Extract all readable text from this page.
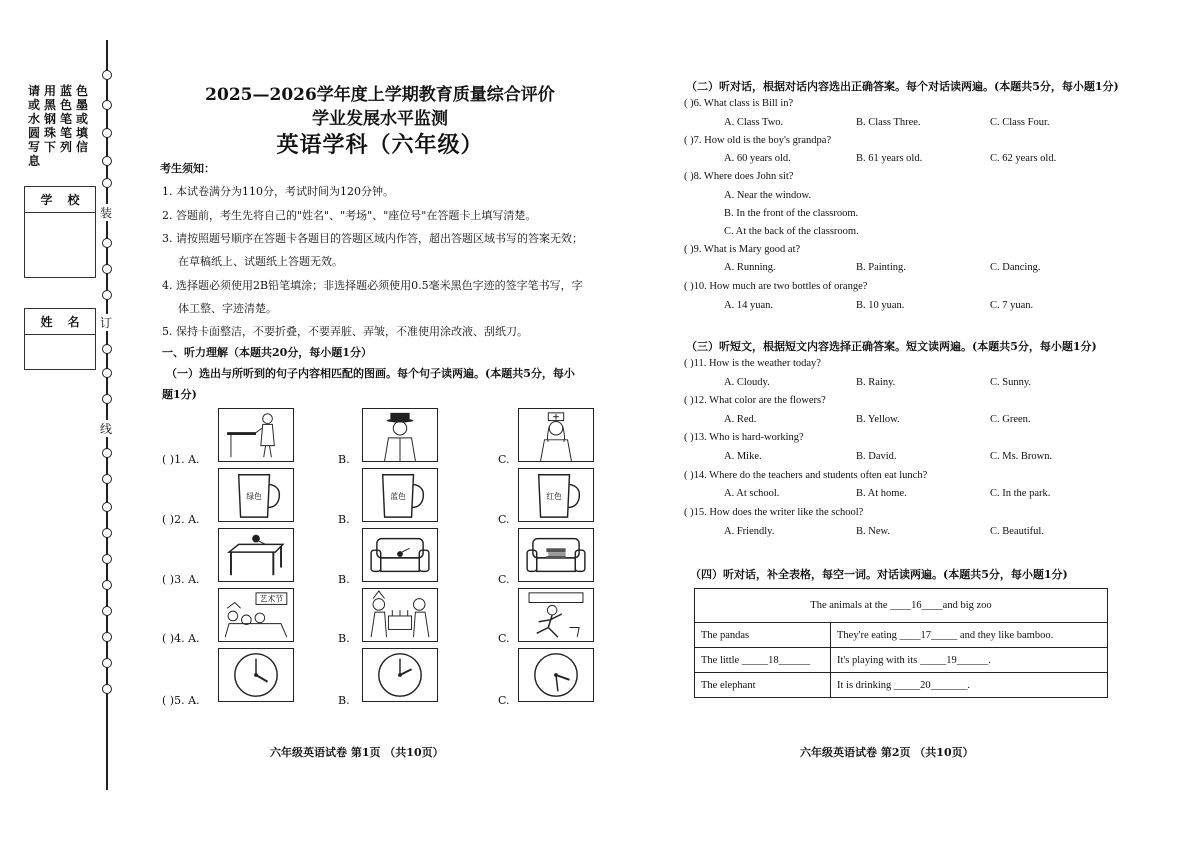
请用蓝色
或黑色墨
水钢笔或
圆珠笔填
写下列信息
学 校
姓 名
装
订
线
2025—2026学年度上学期教育质量综合评价
学业发展水平监测
英语学科（六年级）
考生须知：
1. 本试卷满分为110分，考试时间为120分钟。
2. 答题前，考生先将自己的"姓名"、"考场"、"座位号"在答题卡上填写清楚。
3. 请按照题号顺序在答题卡各题目的答题区域内作答，超出答题区域书写的答案无效；
在草稿纸上、试题纸上答题无效。
4. 选择题必须使用2B铅笔填涂；非选择题必须使用0.5毫米黑色字迹的签字笔书写，字
体工整、字迹清楚。
5. 保持卡面整洁，不要折叠，不要弄脏、弄皱，不准使用涂改液、刮纸刀。
一、听力理解（本题共20分，每小题1分）
（一）选出与所听到的句子内容相匹配的图画。每个句子读两遍。(本题共5分，每小
题1分)
( )1. A.	B.	C.
( )2. A.	B.	C.
绿色	蓝色	红色
( )3. A.	B.	C.
( )4. A.	B.	C.
艺术节
( )5. A.	B.	C.
六年级英语试卷 第1页 （共10页）
（二）听对话，根据对话内容选出正确答案。每个对话读两遍。(本题共5分，每小题1分)
( )6. What class is Bill in?
A. Class Two.	B. Class Three.	C. Class Four.
( )7. How old is the boy's grandpa?
A. 60 years old.	B. 61 years old.	C. 62 years old.
( )8. Where does John sit?
A. Near the window.
B. In the front of the classroom.
C. At the back of the classroom.
( )9. What is Mary good at?
A. Running.	B. Painting.	C. Dancing.
( )10. How much are two bottles of orange?
A. 14 yuan.	B. 10 yuan.	C. 7 yuan.
（三）听短文，根据短文内容选择正确答案。短文读两遍。(本题共5分，每小题1分)
( )11. How is the weather today?
A. Cloudy.	B. Rainy.	C. Sunny.
( )12. What color are the flowers?
A. Red.	B. Yellow.	C. Green.
( )13. Who is hard-working?
A. Mike.	B. David.	C. Ms. Brown.
( )14. Where do the teachers and students often eat lunch?
A. At school.	B. At home.	C. In the park.
( )15. How does the writer like the school?
A. Friendly.	B. New.	C. Beautiful.
（四）听对话，补全表格，每空一词。对话读两遍。(本题共5分，每小题1分)
The animals at the ____16____and big zoo	
The pandas	They're eating ____17_____ and they like bamboo.
The little _____18______	It's playing with its _____19______.
The elephant	It is drinking _____20_______.
六年级英语试卷 第2页 （共10页）
